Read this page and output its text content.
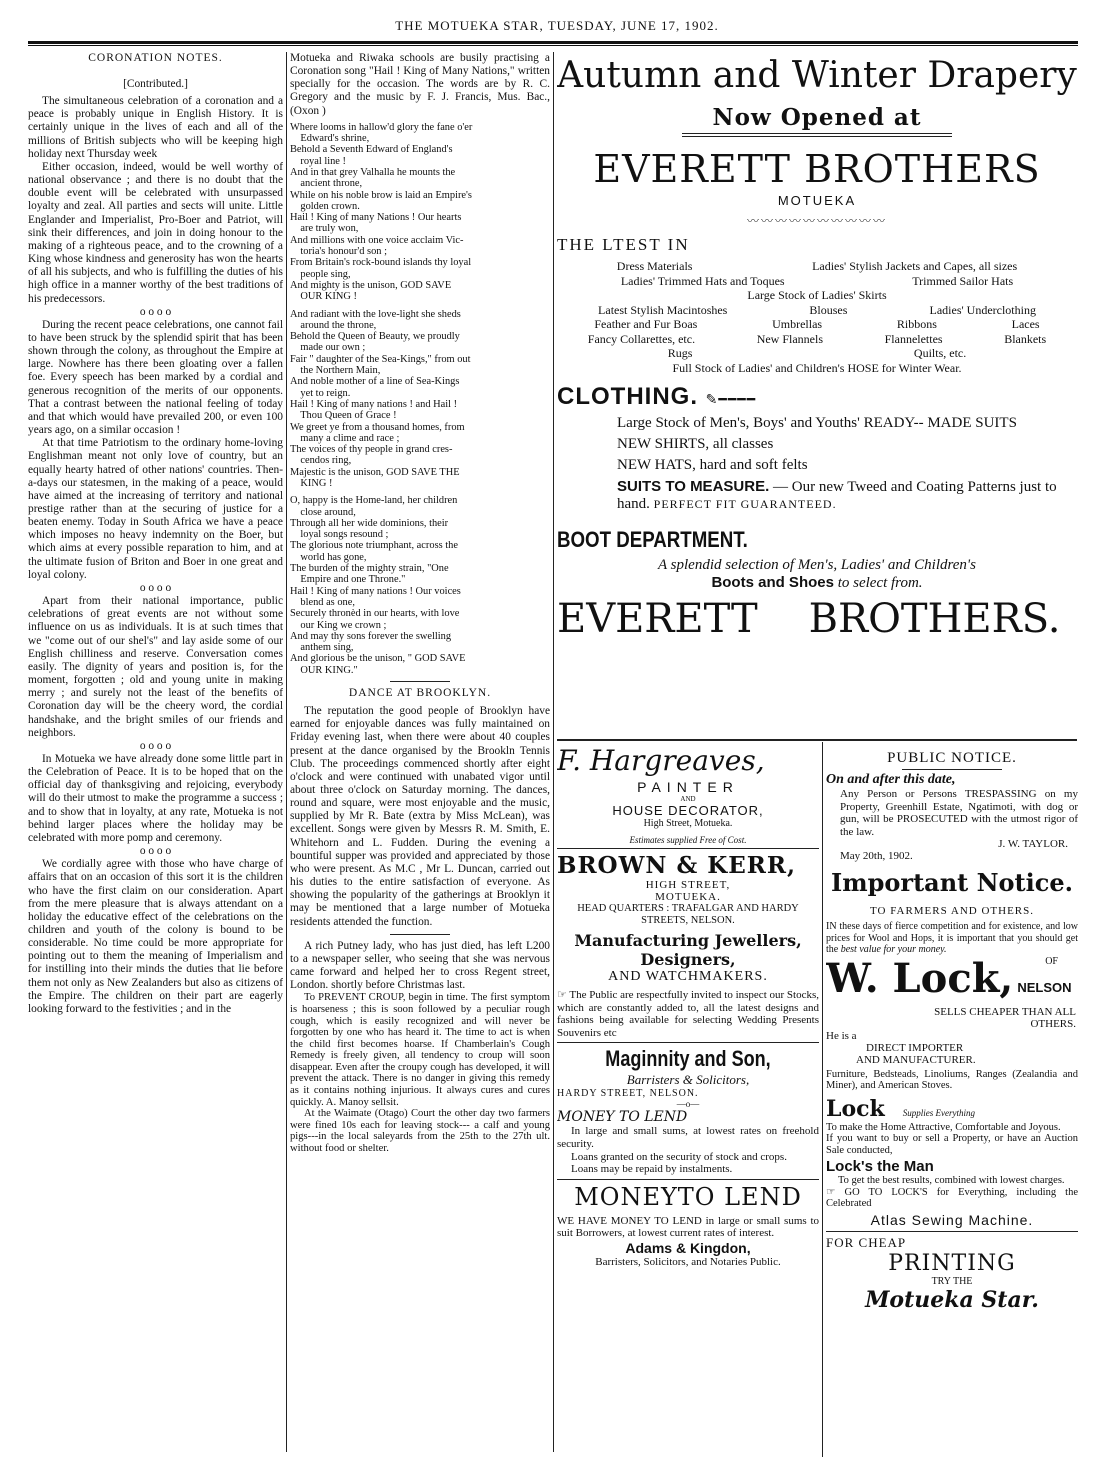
THE MOTUEKA STAR, TUESDAY, JUNE 17, 1902.

CORONATION NOTES.

[Contributed.]

The simultaneous celebration of a coronation and a peace is probably unique in English History. It is certainly unique in the lives of each and all of the millions of British subjects who will be keeping high holiday next Thursday week

Either occasion, indeed, would be well worthy of national observance ; and there is no doubt that the double event will be celebrated with unsurpassed loyalty and zeal. All parties and sects will unite. Little Englander and Imperialist, Pro-Boer and Patriot, will sink their differences, and join in doing honour to the making of a righteous peace, and to the crowning of a King whose kindness and generosity has won the hearts of all his subjects, and who is fulfilling the duties of his high office in a manner worthy of the best traditions of his predecessors.

o o o o

During the recent peace celebrations, one cannot fail to have been struck by the splendid spirit that has been shown through the colony, as throughout the Empire at large. Nowhere has there been gloating over a fallen foe. Every speech has been marked by a cordial and generous recognition of the merits of our opponents. That a contrast between the national feeling of today and that which would have prevailed 200, or even 100 years ago, on a similar occasion !

At that time Patriotism to the ordinary home-loving Englishman meant not only love of country, but an equally hearty hatred of other nations' countries. Then-a-days our statesmen, in the making of a peace, would have aimed at the increasing of territory and national prestige rather than at the securing of justice for a beaten enemy. Today in South Africa we have a peace which imposes no heavy indemnity on the Boer, but which aims at every possible reparation to him, and at the ultimate fusion of Briton and Boer in one great and loyal colony.

o o o o

Apart from their national importance, public celebrations of great events are not without some influence on us as individuals. It is at such times that we "come out of our shel's" and lay aside some of our English chilliness and reserve. Conversation comes easily. The dignity of years and position is, for the moment, forgotten ; old and young unite in making merry ; and surely not the least of the benefits of Coronation day will be the cheery word, the cordial handshake, and the bright smiles of our friends and neighbors.

o o o o

In Motueka we have already done some little part in the Celebration of Peace. It is to be hoped that on the official day of thanksgiving and rejoicing, everybody will do their utmost to make the programme a success ; and to show that in loyalty, at any rate, Motueka is not behind larger places where the holiday may be celebrated with more pomp and ceremony.

o o o o

We cordially agree with those who have charge of affairs that on an occasion of this sort it is the children who have the first claim on our consideration. Apart from the mere pleasure that is always attendant on a holiday the educative effect of the celebrations on the children and youth of the colony is bound to be considerable. No time could be more appropriate for pointing out to them the meaning of Imperialism and for instilling into their minds the duties that lie before them not only as New Zealanders but also as citizens of the Empire. The children on their part are eagerly looking forward to the festivities ; and in the

Motueka and Riwaka schools are busily practising a Coronation song "Hail ! King of Many Nations," written specially for the occasion. The words are by R. C. Gregory and the music by F. J. Francis, Mus. Bac., (Oxon )

Where looms in hallow'd glory the fane o'er
Edward's shrine,
Behold a Seventh Edward of England's
royal line !
And in that grey Valhalla he mounts the
ancient throne,
While on his noble brow is laid an Empire's
golden crown.
Hail ! King of many Nations ! Our hearts
are truly won,
And millions with one voice acclaim Vic-
toria's honour'd son ;
From Britain's rock-bound islands thy loyal
people sing,
And mighty is the unison, GOD SAVE
OUR KING !
And radiant with the love-light she sheds
around the throne,
Behold the Queen of Beauty, we proudly
made our own ;
Fair " daughter of the Sea-Kings," from out
the Northern Main,
And noble mother of a line of Sea-Kings
yet to reign.
Hail ! King of many nations ! and Hail !
Thou Queen of Grace !
We greet ye from a thousand homes, from
many a clime and race ;
The voices of thy people in grand cres-
cendos ring,
Majestic is the unison, GOD SAVE THE
KING !
O, happy is the Home-land, her children
close around,
Through all her wide dominions, their
loyal songs resound ;
The glorious note triumphant, across the
world has gone,
The burden of the mighty strain, "One
Empire and one Throne."
Hail ! King of many nations ! Our voices
blend as one,
Securely thronèd in our hearts, with love
our King we crown ;
And may thy sons forever the swelling
anthem sing,
And glorious be the unison, " GOD SAVE
OUR KING."

DANCE AT BROOKLYN.

The reputation the good people of Brooklyn have earned for enjoyable dances was fully maintained on Friday evening last, when there were about 40 couples present at the dance organised by the Brookln Tennis Club. The proceedings commenced shortly after eight o'clock and were continued with unabated vigor until about three o'clock on Saturday morning. The dances, round and square, were most enjoyable and the music, supplied by Mr R. Bate (extra by Miss McLean), was excellent. Songs were given by Messrs R. M. Smith, E. Whitehorn and L. Fudden. During the evening a bountiful supper was provided and appreciated by those who were present. As M.C , Mr L. Duncan, carried out his duties to the entire satisfaction of everyone. As showing the popularity of the gatherings at Brooklyn it may be mentioned that a large number of Motueka residents attended the function.

A rich Putney lady, who has just died, has left L200 to a newspaper seller, who seeing that she was nervous came forward and helped her to cross Regent street, London. shortly before Christmas last.

To PREVENT CROUP, begin in time. The first symptom is hoarseness ; this is soon followed by a peculiar rough cough, which is easily recognized and will never be forgotten by one who has heard it. The time to act is when the child first becomes hoarse. If Chamberlain's Cough Remedy is freely given, all tendency to croup will soon disappear. Even after the croupy cough has developed, it will prevent the attack. There is no danger in giving this remedy as it contains nothing injurious. It always cures and cures quickly. A. Manoy sellsit.

At the Waimate (Otago) Court the other day two farmers were fined 10s each for leaving stock--- a calf and young pigs---in the local saleyards from the 25th to the 27th ult. without food or shelter.

Autumn and Winter Drapery
Now Opened at
EVERETT BROTHERS
MOTUEKA
〰〰〰〰〰〰〰〰〰〰
THE LTEST IN
Dress Materials	Ladies' Stylish Jackets and Capes, all sizes
Ladies' Trimmed Hats and Toques	Trimmed Sailor Hats
Large Stock of Ladies' Skirts
Latest Stylish Macintoshes	Blouses	Ladies' Underclothing
Feather and Fur Boas	Umbrellas	Ribbons	Laces
Fancy Collarettes, etc.	New Flannels	Flannelettes	Blankets
Rugs	Quilts, etc.
Full Stock of Ladies' and Children's HOSE for Winter Wear.
CLOTHING. ✎━━━━
Large Stock of Men's, Boys' and Youths' READY-- MADE SUITS
NEW SHIRTS, all classes
NEW HATS, hard and soft felts
SUITS TO MEASURE. — Our new Tweed and Coating Patterns just to hand. PERFECT FIT GUARANTEED.
BOOT DEPARTMENT.
A splendid selection of Men's, Ladies' and Children's
Boots and Shoes to select from.
EVERETT    BROTHERS.
F. Hargreaves,
PAINTER
AND
HOUSE DECORATOR,
High Street, Motueka.
Estimates supplied Free of Cost.
BROWN & KERR,
HIGH STREET,
MOTUEKA.
HEAD QUARTERS : TRAFALGAR AND HARDY STREETS, NELSON.
Manufacturing Jewellers,
Designers,
AND WATCHMAKERS.

☞ The Public are respectfully invited to inspect our Stocks, which are constantly added to, all the latest designs and fashions being available for selecting Wedding Presents Souvenirs etc

Maginnity and Son,
Barristers & Solicitors,
HARDY STREET, NELSON.
—o—
MONEY TO LEND

In large and small sums, at lowest rates on freehold security.

Loans granted on the security of stock and crops.

Loans may be repaid by instalments.

MONEYTO LEND

WE HAVE MONEY TO LEND in large or small sums to suit Borrowers, at lowest current rates of interest.

Adams & Kingdon,
Barristers, Solicitors, and Notaries Public.
PUBLIC NOTICE.
On and after this date,

Any Person or Persons TRESPASSING on my Property, Greenhill Estate, Ngatimoti, with dog or gun, will be PROSECUTED with the utmost rigor of the law.

J. W. TAYLOR.
May 20th, 1902.
Important Notice.
TO FARMERS AND OTHERS.

IN these days of fierce competition and for existence, and low prices for Wool and Hops, it is important that you should get the best value for your money.

OF
W. Lock, NELSON
SELLS CHEAPER THAN ALL OTHERS.
He is a
DIRECT IMPORTER
AND MANUFACTURER.

Furniture, Bedsteads, Linoliums, Ranges (Zealandia and Miner), and American Stoves.

Lock Supplies Everything

To make the Home Attractive, Comfortable and Joyous.

If you want to buy or sell a Property, or have an Auction Sale conducted,

Lock's the Man

To get the best results, combined with lowest charges.

☞ GO TO LOCK'S for Everything, including the Celebrated

Atlas Sewing Machine.
FOR CHEAP
PRINTING
TRY THE
Motueka Star.
